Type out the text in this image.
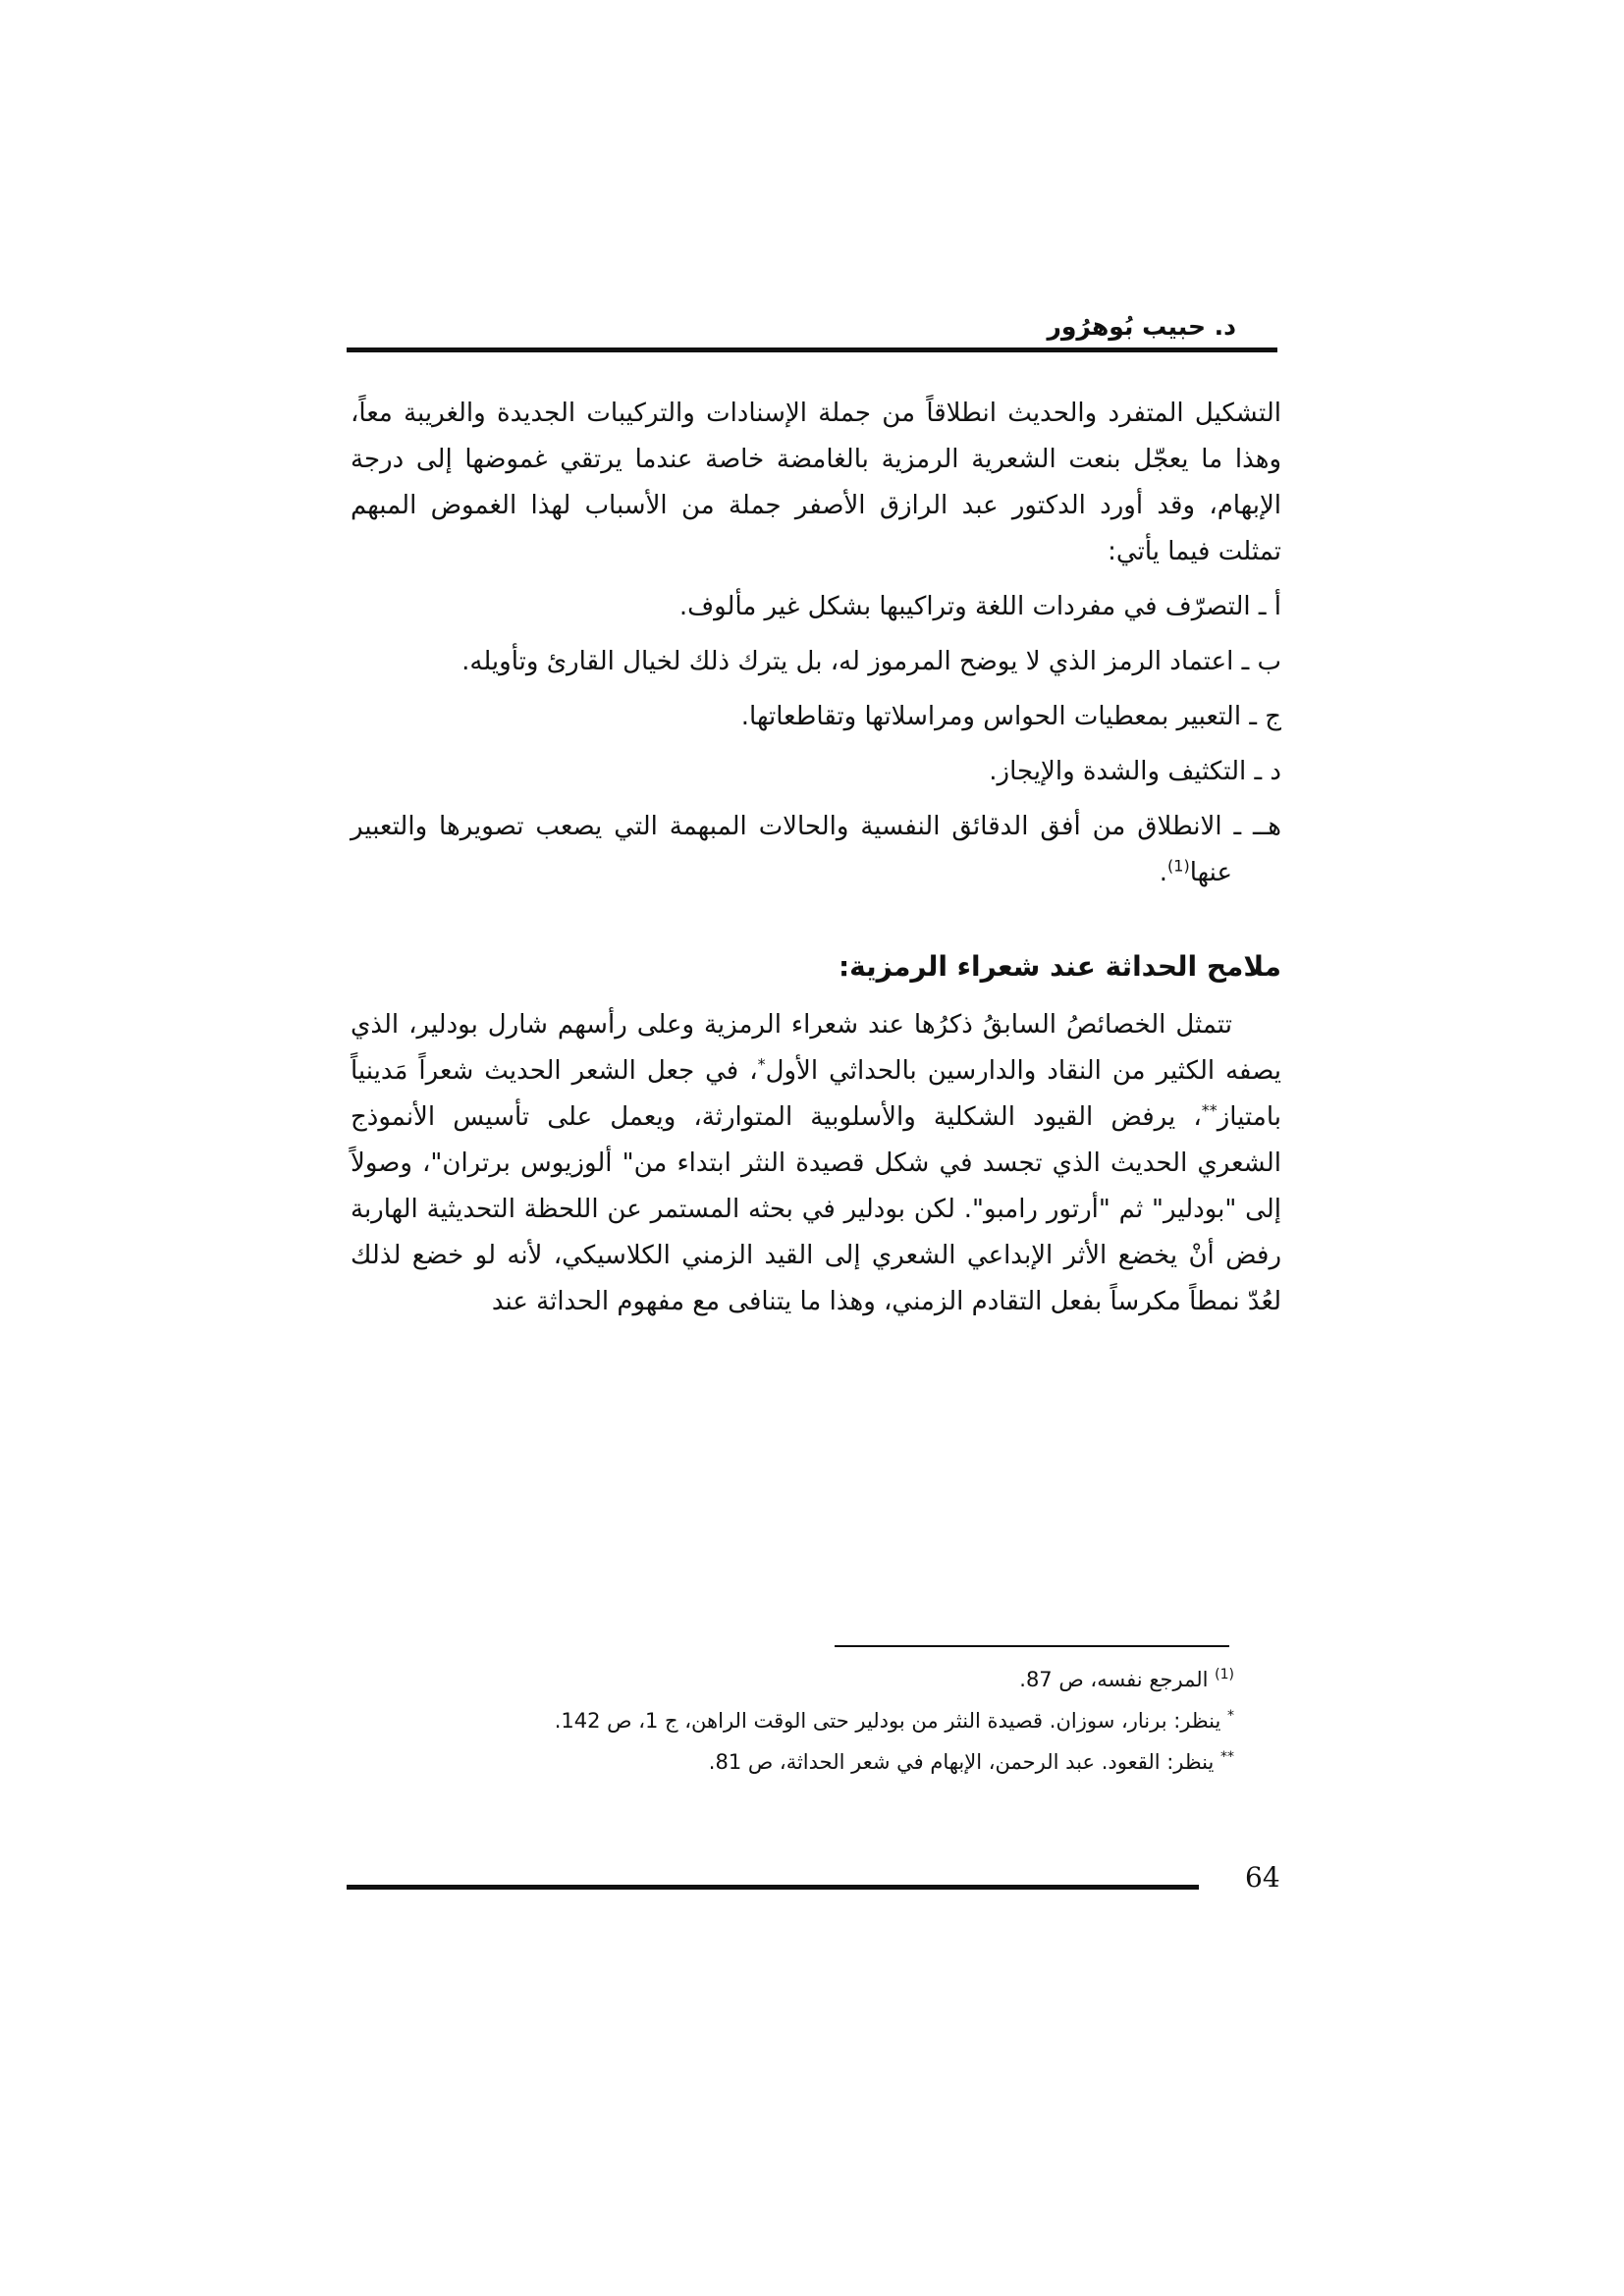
د. حبيب بُوهرُور

التشكيل المتفرد والحديث انطلاقاً من جملة الإسنادات والتركيبات الجديدة والغريبة معاً، وهذا ما يعجّل بنعت الشعرية الرمزية بالغامضة خاصة عندما يرتقي غموضها إلى درجة الإبهام، وقد أورد الدكتور عبد الرازق الأصفر جملة من الأسباب لهذا الغموض المبهم تمثلت فيما يأتي:

أ ـ التصرّف في مفردات اللغة وتراكيبها بشكل غير مألوف.
ب ـ اعتماد الرمز الذي لا يوضح المرموز له، بل يترك ذلك لخيال القارئ وتأويله.
ج ـ التعبير بمعطيات الحواس ومراسلاتها وتقاطعاتها.
د ـ التكثيف والشدة والإيجاز.
هــ ـ الانطلاق من أفق الدقائق النفسية والحالات المبهمة التي يصعب تصويرها والتعبير عنها$^{(1)}$.
ملامح الحداثة عند شعراء الرمزية:

تتمثل الخصائصُ السابقُ ذكرُها عند شعراء الرمزية وعلى رأسهم شارل بودلير، الذي يصفه الكثير من النقاد والدارسين بالحداثي الأول*، في جعل الشعر الحديث شعراً مَدينياً بامتياز**، يرفض القيود الشكلية والأسلوبية المتوارثة، ويعمل على تأسيس الأنموذج الشعري الحديث الذي تجسد في شكل قصيدة النثر ابتداء من" ألوزيوس برتران"، وصولاً إلى "بودلير" ثم "أرتور رامبو". لكن بودلير في بحثه المستمر عن اللحظة التحديثية الهاربة رفض أنْ يخضع الأثر الإبداعي الشعري إلى القيد الزمني الكلاسيكي، لأنه لو خضع لذلك لعُدّ نمطاً مكرساً بفعل التقادم الزمني، وهذا ما يتنافى مع مفهوم الحداثة عند

$^{(1)}$ المرجع نفسه، ص 87.
* ينظر: برنار، سوزان. قصيدة النثر من بودلير حتى الوقت الراهن، ج 1، ص 142.
** ينظر: القعود. عبد الرحمن، الإبهام في شعر الحداثة، ص 81.
64
